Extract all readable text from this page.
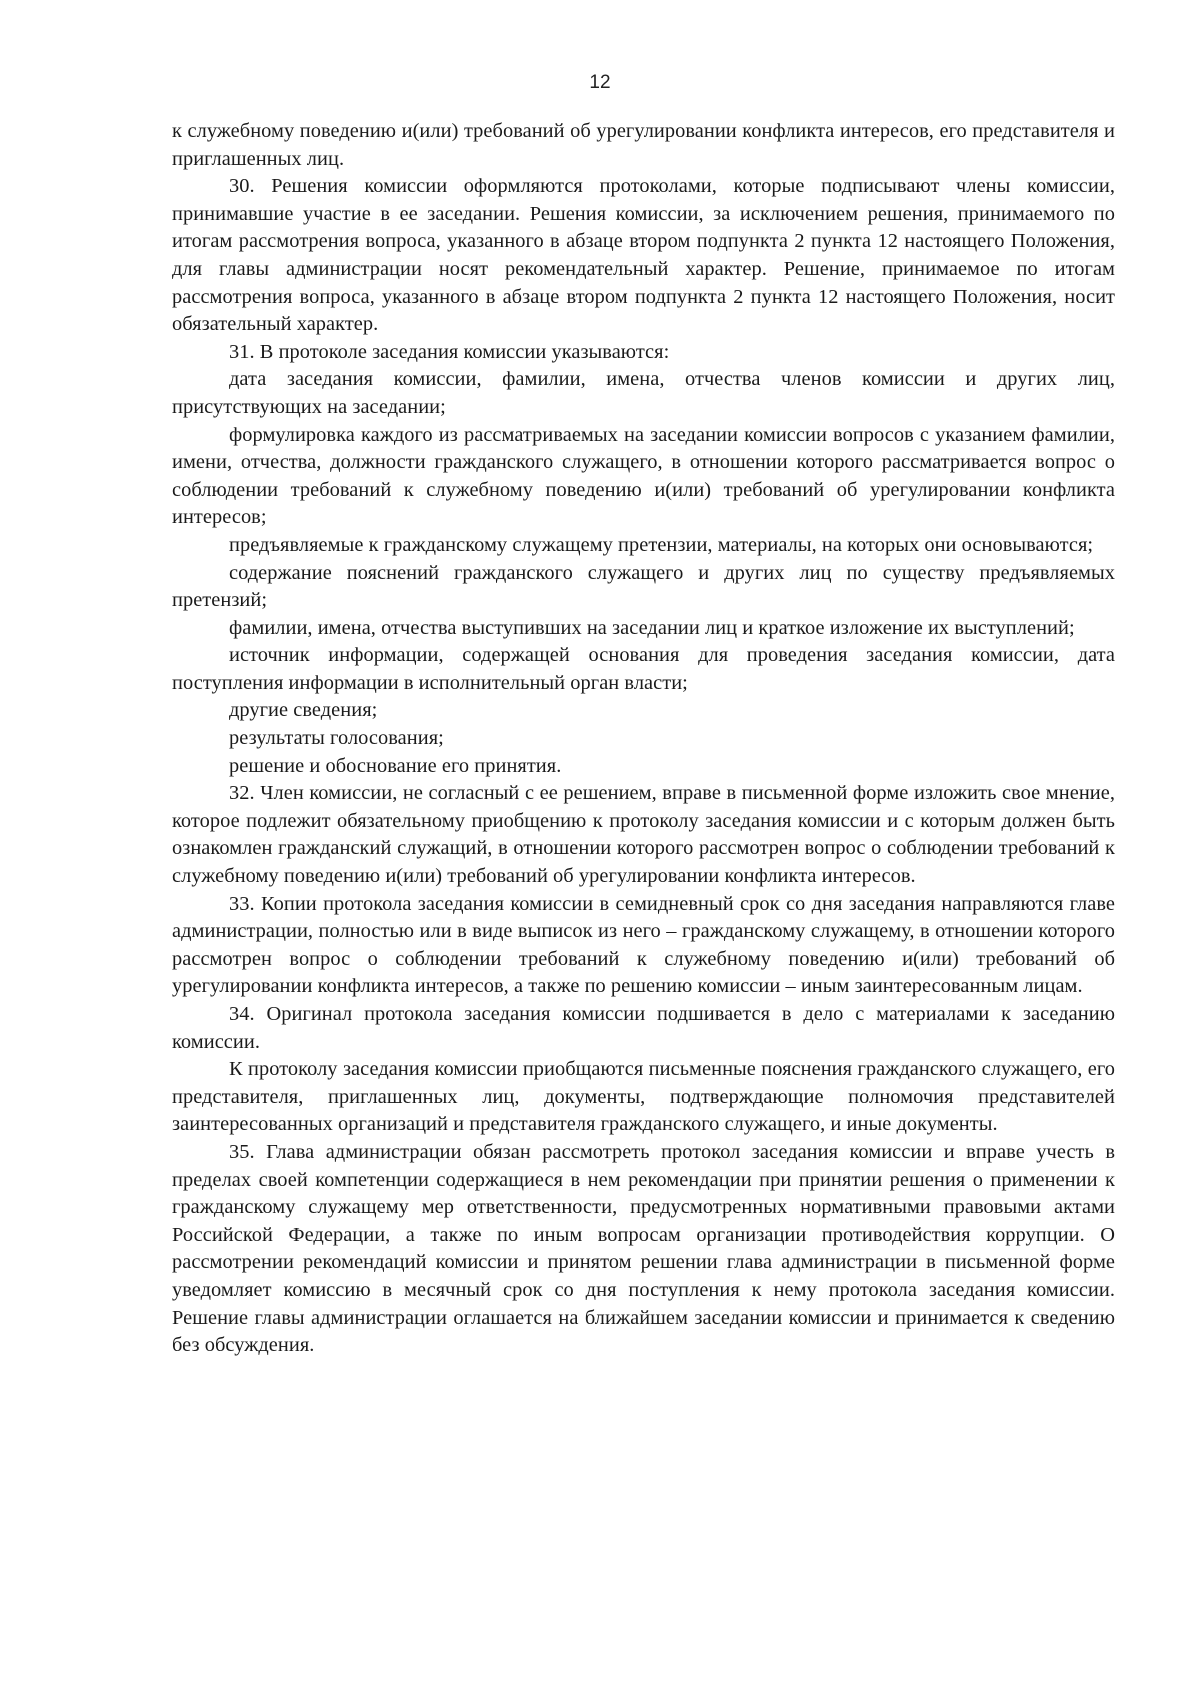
12

к служебному поведению и(или) требований об урегулировании конфликта интересов, его представителя и приглашенных лиц.

30. Решения комиссии оформляются протоколами, которые подписывают члены комиссии, принимавшие участие в ее заседании. Решения комиссии, за исключением решения, принимаемого по итогам рассмотрения вопроса, указанного в абзаце втором подпункта 2 пункта 12 настоящего Положения, для главы администрации носят рекомендательный характер. Решение, принимаемое по итогам рассмотрения вопроса, указанного в абзаце втором подпункта 2 пункта 12 настоящего Положения, носит обязательный характер.

31. В протоколе заседания комиссии указываются:

дата заседания комиссии, фамилии, имена, отчества членов комиссии и других лиц, присутствующих на заседании;

формулировка каждого из рассматриваемых на заседании комиссии вопросов с указанием фамилии, имени, отчества, должности гражданского служащего, в отношении которого рассматривается вопрос о соблюдении требований к служебному поведению и(или) требований об урегулировании конфликта интересов;

предъявляемые к гражданскому служащему претензии, материалы, на которых они основываются;

содержание пояснений гражданского служащего и других лиц по существу предъявляемых претензий;

фамилии, имена, отчества выступивших на заседании лиц и краткое изложение их выступлений;

источник информации, содержащей основания для проведения заседания комиссии, дата поступления информации в исполнительный орган власти;

другие сведения;

результаты голосования;

решение и обоснование его принятия.

32. Член комиссии, не согласный с ее решением, вправе в письменной форме изложить свое мнение, которое подлежит обязательному приобщению к протоколу заседания комиссии и с которым должен быть ознакомлен гражданский служащий, в отношении которого рассмотрен вопрос о соблюдении требований к служебному поведению и(или) требований об урегулировании конфликта интересов.

33. Копии протокола заседания комиссии в семидневный срок со дня заседания направляются главе администрации, полностью или в виде выписок из него – гражданскому служащему, в отношении которого рассмотрен вопрос о соблюдении требований к служебному поведению и(или) требований об урегулировании конфликта интересов, а также по решению комиссии – иным заинтересованным лицам.

34. Оригинал протокола заседания комиссии подшивается в дело с материалами к заседанию комиссии.

К протоколу заседания комиссии приобщаются письменные пояснения гражданского служащего, его представителя, приглашенных лиц, документы, подтверждающие полномочия представителей заинтересованных организаций и представителя гражданского служащего, и иные документы.

35. Глава администрации обязан рассмотреть протокол заседания комиссии и вправе учесть в пределах своей компетенции содержащиеся в нем рекомендации при принятии решения о применении к гражданскому служащему мер ответственности, предусмотренных нормативными правовыми актами Российской Федерации, а также по иным вопросам организации противодействия коррупции. О рассмотрении рекомендаций комиссии и принятом решении глава администрации в письменной форме уведомляет комиссию в месячный срок со дня поступления к нему протокола заседания комиссии. Решение главы администрации оглашается на ближайшем заседании комиссии и принимается к сведению без обсуждения.
